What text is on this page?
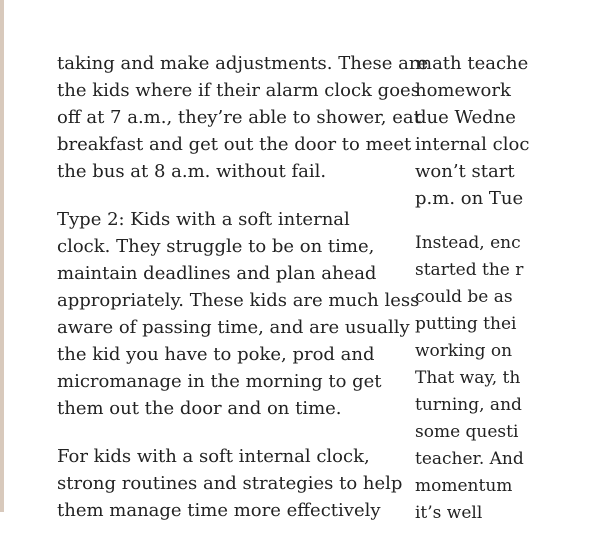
taking and make adjustments. These are
the kids where if their alarm clock goes
off at 7 a.m., they’re able to shower, eat
breakfast and get out the door to meet
the bus at 8 a.m. without fail.
Type 2: Kids with a soft internal
clock. They struggle to be on time,
maintain deadlines and plan ahead
appropriately. These kids are much less
aware of passing time, and are usually
the kid you have to poke, prod and
micromanage in the morning to get
them out the door and on time.
For kids with a soft internal clock,
strong routines and strategies to help
them manage time more effectively
math teache
homework
due Wedne
internal cloc
won’t start
p.m. on Tue
Instead, enc
started the r
could be as
putting thei
working on
That way, th
turning, and
some questi
teacher. And
momentum
it’s well
